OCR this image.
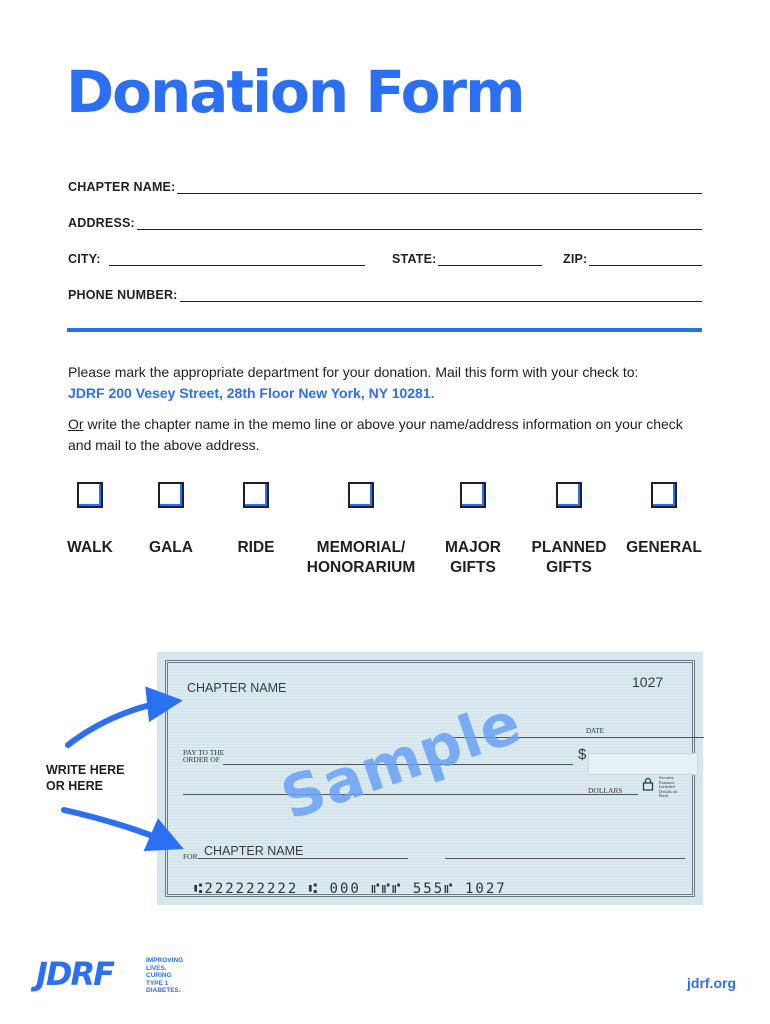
Donation Form
CHAPTER NAME:
ADDRESS:
CITY:	STATE:	ZIP:
PHONE NUMBER:

Please mark the appropriate department for your donation. Mail this form with your check to:

JDRF 200 Vesey Street, 28th Floor New York, NY 10281.

Or write the chapter name in the memo line or above your name/address information on your check and mail to the above address.

WALK GALA	RIDE	MEMORIAL/
HONORARIUM
MAJOR
GIFTS
PLANNED
GIFTS
GENERAL
CHAPTER NAME	1027
DATE
PAY TO THE
ORDER OF	$
DOLLARS
Security
Features
Included
Details on
Back
FOR CHAPTER NAME
⑆222222222 ⑆ 000 ⑈⑈⑈ 555⑈ 1027
Sample
WRITE HERE
OR HERE
JDRF	IMPROVING
LIVES.
CURING
TYPE 1
DIABETES.	jdrf.org
